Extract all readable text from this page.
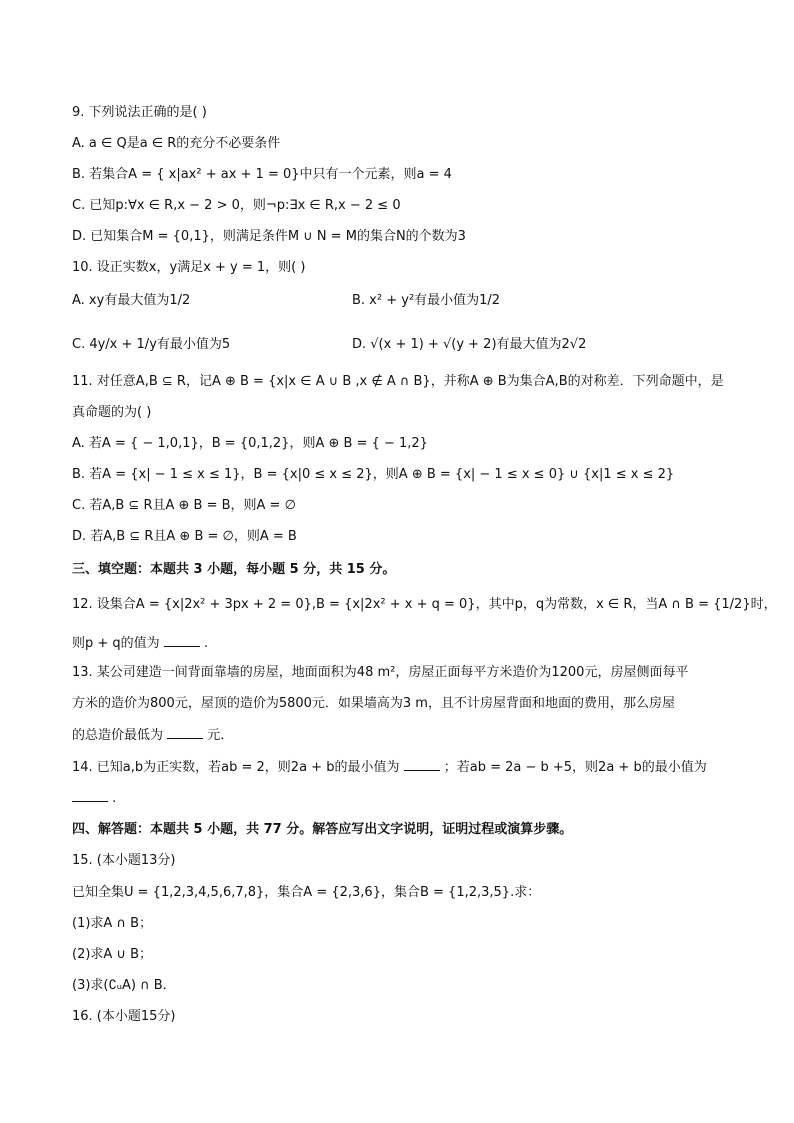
9. 下列说法正确的是( )
A. a ∈ Q是a ∈ R的充分不必要条件
B. 若集合A = { x|ax² + ax + 1 = 0}中只有一个元素，则a = 4
C. 已知p:∀x ∈ R,x − 2 > 0，则¬p:∃x ∈ R,x − 2 ≤ 0
D. 已知集合M = {0,1}，则满足条件M ∪ N = M的集合N的个数为3
10. 设正实数x，y满足x + y = 1，则( )
A. xy有最大值为1/2	B. x² + y²有最小值为1/2
C. 4y/x + 1/y有最小值为5	D. √(x + 1) + √(y + 2)有最大值为2√2
11. 对任意A,B ⊆ R，记A ⊕ B = {x|x ∈ A ∪ B ,x ∉ A ∩ B}，并称A ⊕ B为集合A,B的对称差．下列命题中，是
真命题的为( )
A. 若A = { − 1,0,1}，B = {0,1,2}，则A ⊕ B = { − 1,2}
B. 若A = {x| − 1 ≤ x ≤ 1}，B = {x|0 ≤ x ≤ 2}，则A ⊕ B = {x| − 1 ≤ x ≤ 0} ∪ {x|1 ≤ x ≤ 2}
C. 若A,B ⊆ R且A ⊕ B = B，则A = ∅
D. 若A,B ⊆ R且A ⊕ B = ∅，则A = B
三、填空题：本题共 3 小题，每小题 5 分，共 15 分。
12. 设集合A = {x|2x² + 3px + 2 = 0},B = {x|2x² + x + q = 0}，其中p，q为常数，x ∈ R，当A ∩ B = {1/2}时，
则p + q的值为	.
13. 某公司建造一间背面靠墙的房屋，地面面积为48 m²，房屋正面每平方米造价为1200元，房屋侧面每平
方米的造价为800元，屋顶的造价为5800元．如果墙高为3 m，且不计房屋背面和地面的费用，那么房屋
的总造价最低为	元．
14. 已知a,b为正实数，若ab = 2，则2a + b的最小值为	；若ab = 2a − b +5，则2a + b的最小值为
.
四、解答题：本题共 5 小题，共 77 分。解答应写出文字说明，证明过程或演算步骤。
15. (本小题13分)
已知全集U = {1,2,3,4,5,6,7,8}，集合A = {2,3,6}，集合B = {1,2,3,5}.求：
(1)求A ∩ B；
(2)求A ∪ B；
(3)求(∁ᵤA) ∩ B．
16. (本小题15分)
